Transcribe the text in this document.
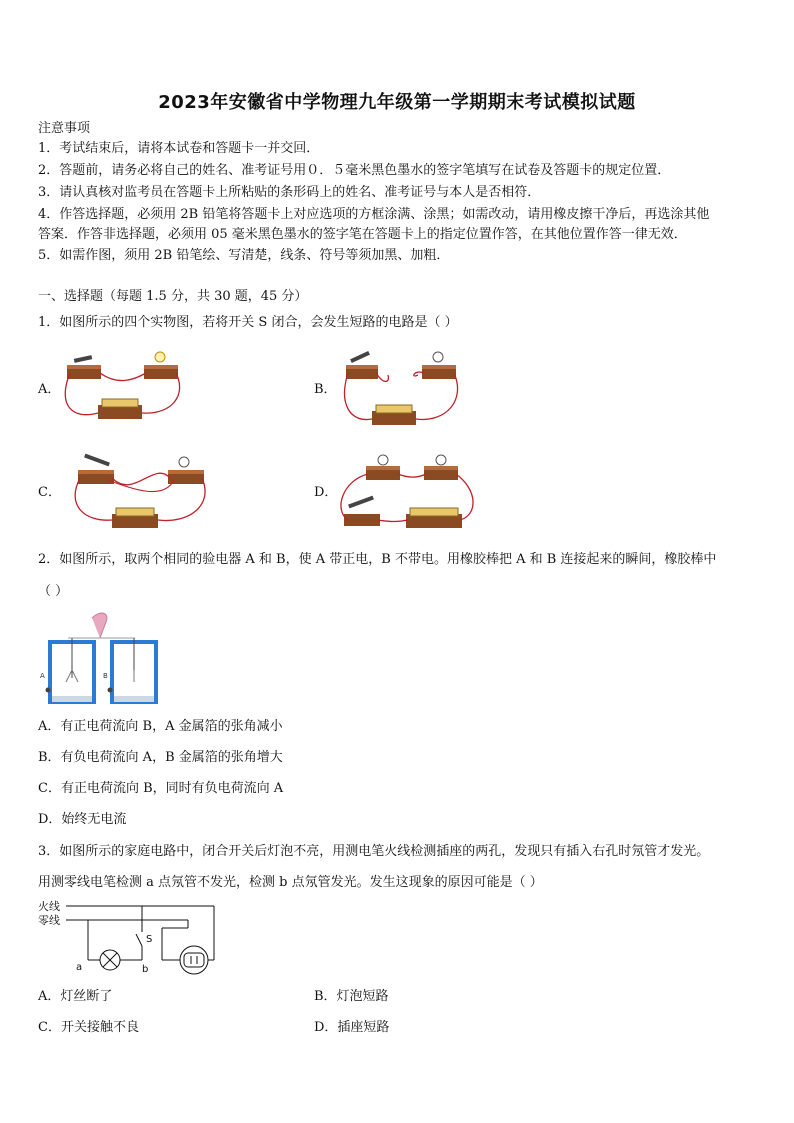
2023年安徽省中学物理九年级第一学期期末考试模拟试题
注意事项
1．考试结束后，请将本试卷和答题卡一并交回．
2．答题前，请务必将自己的姓名、准考证号用０．５毫米黑色墨水的签字笔填写在试卷及答题卡的规定位置．
3．请认真核对监考员在答题卡上所粘贴的条形码上的姓名、准考证号与本人是否相符．
4．作答选择题，必须用 2B 铅笔将答题卡上对应选项的方框涂满、涂黑；如需改动，请用橡皮擦干净后，再选涂其他
答案．作答非选择题，必须用 05 毫米黑色墨水的签字笔在答题卡上的指定位置作答，在其他位置作答一律无效．
5．如需作图，须用 2B 铅笔绘、写清楚，线条、符号等须加黑、加粗．
一、选择题（每题 1.5 分，共 30 题，45 分）
1．如图所示的四个实物图，若将开关 S 闭合，会发生短路的电路是（ ）
A．	B．
C．	D．
2．如图所示，取两个相同的验电器 A 和 B，使 A 带正电，B 不带电。用橡胶棒把 A 和 B 连接起来的瞬间，橡胶棒中
（ ）
A	B
A．有正电荷流向 B，A 金属箔的张角减小
B．有负电荷流向 A，B 金属箔的张角增大
C．有正电荷流向 B，同时有负电荷流向 A
D．始终无电流
3．如图所示的家庭电路中，闭合开关后灯泡不亮，用测电笔火线检测插座的两孔，发现只有插入右孔时氖管才发光。
用测零线电笔检测 a 点氖管不发光，检测 b 点氖管发光。发生这现象的原因可能是（ ）
火线
零线
S
a	b
A．灯丝断了	B．灯泡短路
C．开关接触不良	D．插座短路
